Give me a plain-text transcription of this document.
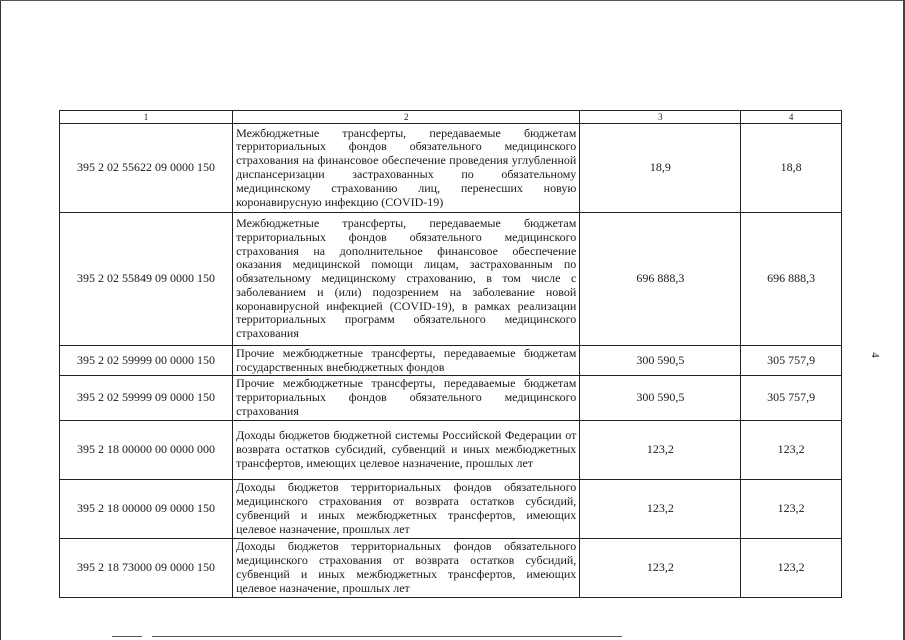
4
1	2	3	4
395 2 02 55622 09 0000 150	Межбюджетные трансферты, передаваемые бюджетам территориальных фондов обязательного медицинского страхования на финансовое обеспечение проведения углубленной диспансеризации застрахованных по обязательному медицинскому страхованию лиц, перенесших новую коронавирусную инфекцию (COVID-19)	18,9	18,8
395 2 02 55849 09 0000 150	Межбюджетные трансферты, передаваемые бюджетам территориальных фондов обязательного медицинского страхования на дополнительное финансовое обеспечение оказания медицинской помощи лицам, застрахованным по обязательному медицинскому страхованию, в том числе с заболеванием и (или) подозрением на заболевание новой коронавирусной инфекцией (COVID-19), в рамках реализации территориальных программ обязательного медицинского страхования	696 888,3	696 888,3
395 2 02 59999 00 0000 150	Прочие межбюджетные трансферты, передаваемые бюджетам государственных внебюджетных фондов	300 590,5	305 757,9
395 2 02 59999 09 0000 150	Прочие межбюджетные трансферты, передаваемые бюджетам территориальных фондов обязательного медицинского страхования	300 590,5	305 757,9
395 2 18 00000 00 0000 000	Доходы бюджетов бюджетной системы Российской Федерации от возврата остатков субсидий, субвенций и иных межбюджетных трансфертов, имеющих целевое назначение, прошлых лет	123,2	123,2
395 2 18 00000 09 0000 150	Доходы бюджетов территориальных фондов обязательного медицинского страхования от возврата остатков субсидий, субвенций и иных межбюджетных трансфертов, имеющих целевое назначение, прошлых лет	123,2	123,2
395 2 18 73000 09 0000 150	Доходы бюджетов территориальных фондов обязательного медицинского страхования от возврата остатков субсидий, субвенций и иных межбюджетных трансфертов, имеющих целевое назначение, прошлых лет	123,2	123,2
